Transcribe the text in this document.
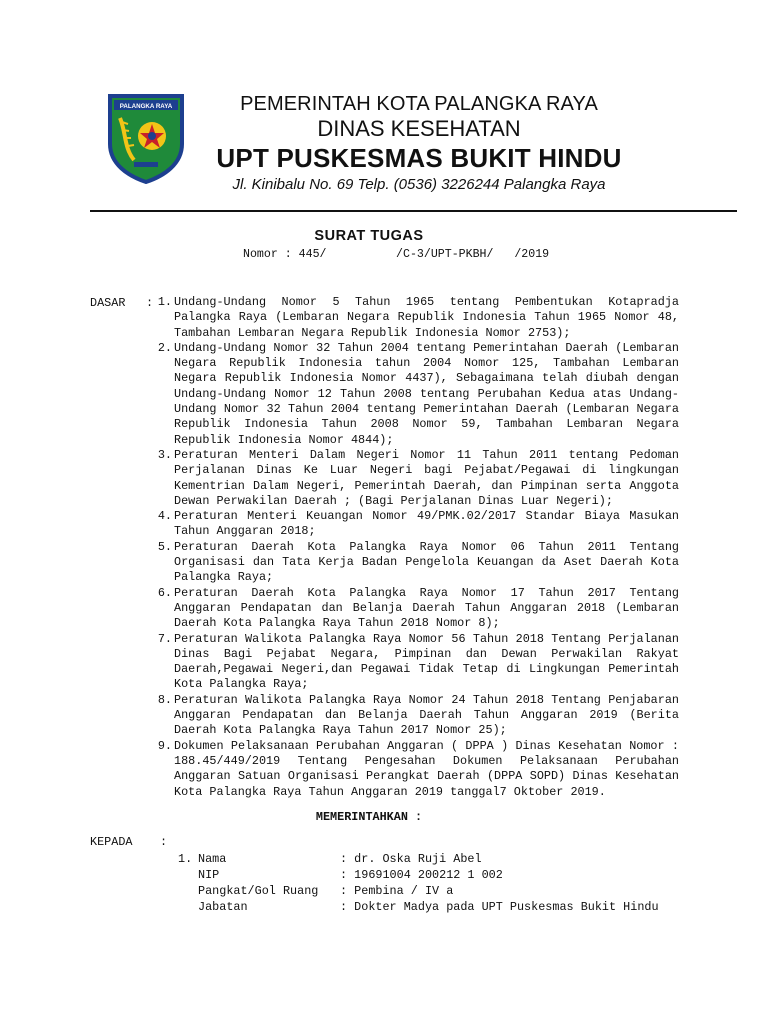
PALANGKA RAYA	PEMERINTAH KOTA PALANGKA RAYA
DINAS KESEHATAN
UPT PUSKESMAS BUKIT HINDU
Jl. Kinibalu No. 69 Telp. (0536) 3226244 Palangka Raya
SURAT TUGAS
Nomor : 445/          /C-3/UPT-PKBH/   /2019
DASAR : 1. Undang-Undang Nomor 5 Tahun 1965 tentang Pembentukan Kotapradja Palangka Raya (Lembaran Negara Republik Indonesia Tahun 1965 Nomor 48, Tambahan Lembaran Negara Republik Indonesia Nomor 2753);
2. Undang-Undang Nomor 32 Tahun 2004 tentang Pemerintahan Daerah (Lembaran Negara Republik Indonesia tahun 2004 Nomor 125, Tambahan Lembaran Negara Republik Indonesia Nomor 4437), Sebagaimana telah diubah dengan Undang-Undang Nomor 12 Tahun 2008 tentang Perubahan Kedua atas Undang-Undang Nomor 32 Tahun 2004 tentang Pemerintahan Daerah (Lembaran Negara Republik Indonesia Tahun 2008 Nomor 59, Tambahan Lembaran Negara Republik Indonesia Nomor 4844);
3. Peraturan Menteri Dalam Negeri Nomor 11 Tahun 2011 tentang Pedoman Perjalanan Dinas Ke Luar Negeri bagi Pejabat/Pegawai di lingkungan Kementrian Dalam Negeri, Pemerintah Daerah, dan Pimpinan serta Anggota Dewan Perwakilan Daerah ; (Bagi Perjalanan Dinas Luar Negeri);
4. Peraturan Menteri Keuangan Nomor 49/PMK.02/2017 Standar Biaya Masukan Tahun Anggaran 2018;
5. Peraturan Daerah Kota Palangka Raya Nomor 06 Tahun 2011 Tentang Organisasi dan Tata Kerja Badan Pengelola Keuangan da Aset Daerah Kota Palangka Raya;
6. Peraturan Daerah Kota Palangka Raya Nomor 17 Tahun 2017 Tentang Anggaran Pendapatan dan Belanja Daerah Tahun Anggaran 2018 (Lembaran Daerah Kota Palangka Raya Tahun 2018 Nomor 8);
7. Peraturan Walikota Palangka Raya Nomor 56 Tahun 2018 Tentang Perjalanan Dinas Bagi Pejabat Negara, Pimpinan dan Dewan Perwakilan Rakyat Daerah,Pegawai Negeri,dan Pegawai Tidak Tetap di Lingkungan Pemerintah Kota Palangka Raya;
8. Peraturan Walikota Palangka Raya Nomor 24 Tahun 2018 Tentang Penjabaran Anggaran Pendapatan dan Belanja Daerah Tahun Anggaran 2019 (Berita Daerah Kota Palangka Raya Tahun 2017 Nomor 25);
9. Dokumen Pelaksanaan Perubahan Anggaran ( DPPA ) Dinas Kesehatan Nomor : 188.45/449/2019 Tentang Pengesahan Dokumen Pelaksanaan Perubahan Anggaran Satuan Organisasi Perangkat Daerah (DPPA SOPD) Dinas Kesehatan Kota Palangka Raya Tahun Anggaran 2019 tanggal7 Oktober 2019.
MEMERINTAHKAN :
KEPADA :
1. Nama	: dr. Oska Ruji Abel
NIP	: 19691004 200212 1 002
Pangkat/Gol Ruang : Pembina / IV a
Jabatan	: Dokter Madya pada UPT Puskesmas Bukit Hindu
